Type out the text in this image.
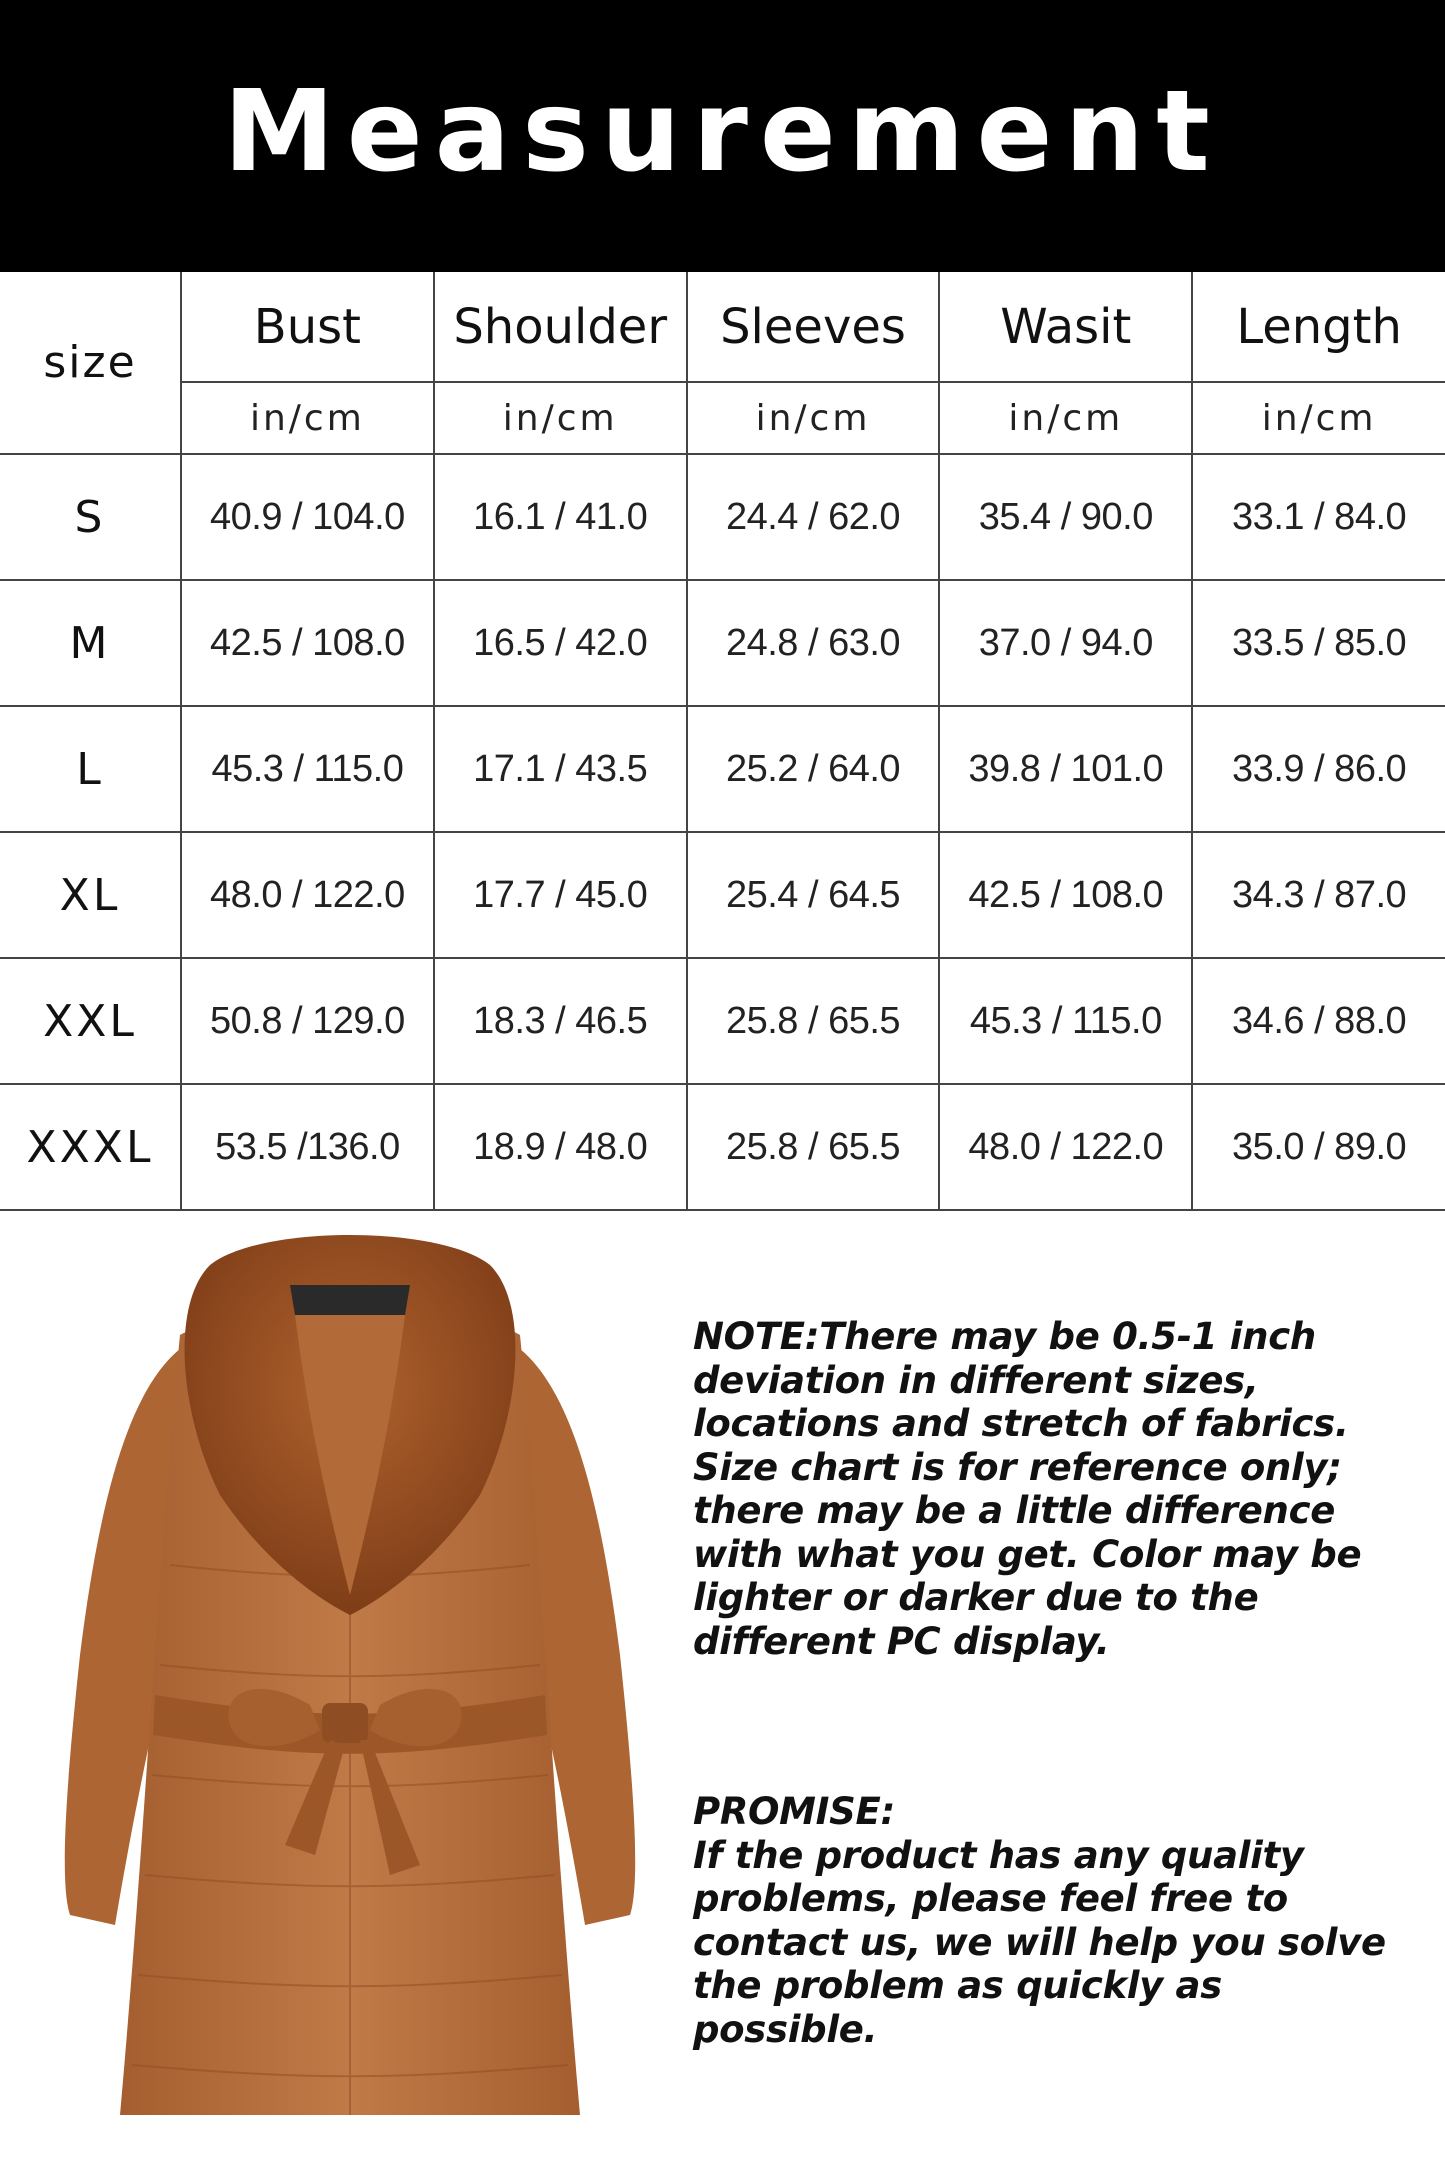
Measurement
size	Bust	Shoulder	Sleeves	Wasit	Length
	in/cm	in/cm	in/cm	in/cm	in/cm
S	40.9 / 104.0	16.1 / 41.0	24.4 / 62.0	35.4 / 90.0	33.1 / 84.0
M	42.5 / 108.0	16.5 / 42.0	24.8 / 63.0	37.0 / 94.0	33.5 / 85.0
L	45.3 / 115.0	17.1 / 43.5	25.2 / 64.0	39.8 / 101.0	33.9 / 86.0
XL	48.0 / 122.0	17.7 / 45.0	25.4 / 64.5	42.5 / 108.0	34.3 / 87.0
XXL	50.8 / 129.0	18.3 / 46.5	25.8 / 65.5	45.3 / 115.0	34.6 / 88.0
XXXL	53.5 /136.0	18.9 / 48.0	25.8 / 65.5	48.0 / 122.0	35.0 / 89.0
NOTE:There may be 0.5-1 inch
deviation in different sizes,
locations and stretch of fabrics.
Size chart is for reference only;
there may be a little difference
with what you get. Color may be
lighter or darker due to the
different PC display.
PROMISE:
If the product has any quality
problems, please feel free to
contact us, we will help you solve
the problem as quickly as
possible.
